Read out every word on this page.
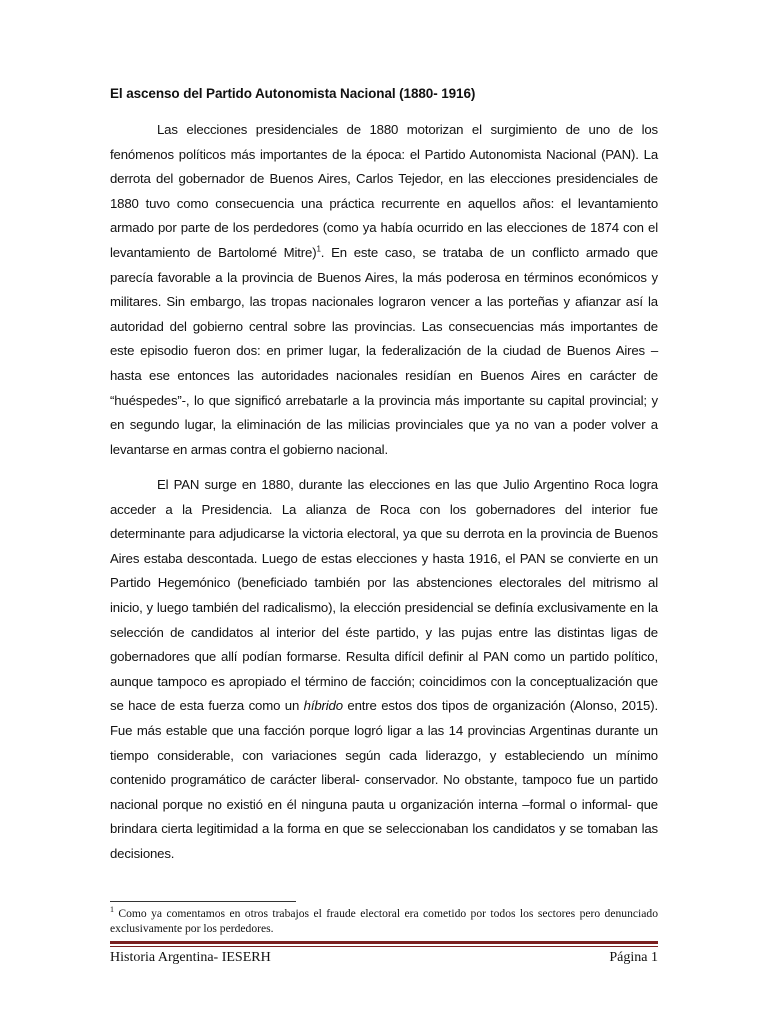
El ascenso del Partido Autonomista Nacional (1880- 1916)

Las elecciones presidenciales de 1880 motorizan el surgimiento de uno de los fenómenos políticos más importantes de la época: el Partido Autonomista Nacional (PAN). La derrota del gobernador de Buenos Aires, Carlos Tejedor, en las elecciones presidenciales de 1880 tuvo como consecuencia una práctica recurrente en aquellos años: el levantamiento armado por parte de los perdedores (como ya había ocurrido en las elecciones de 1874 con el levantamiento de Bartolomé Mitre)$^1$. En este caso, se trataba de un conflicto armado que parecía favorable a la provincia de Buenos Aires, la más poderosa en términos económicos y militares. Sin embargo, las tropas nacionales lograron vencer a las porteñas y afianzar así la autoridad del gobierno central sobre las provincias. Las consecuencias más importantes de este episodio fueron dos: en primer lugar, la federalización de la ciudad de Buenos Aires – hasta ese entonces las autoridades nacionales residían en Buenos Aires en carácter de “huéspedes”-, lo que significó arrebatarle a la provincia más importante su capital provincial; y en segundo lugar, la eliminación de las milicias provinciales que ya no van a poder volver a levantarse en armas contra el gobierno nacional.

El PAN surge en 1880, durante las elecciones en las que Julio Argentino Roca logra acceder a la Presidencia. La alianza de Roca con los gobernadores del interior fue determinante para adjudicarse la victoria electoral, ya que su derrota en la provincia de Buenos Aires estaba descontada. Luego de estas elecciones y hasta 1916, el PAN se convierte en un Partido Hegemónico (beneficiado también por las abstenciones electorales del mitrismo al inicio, y luego también del radicalismo), la elección presidencial se definía exclusivamente en la selección de candidatos al interior del éste partido, y las pujas entre las distintas ligas de gobernadores que allí podían formarse. Resulta difícil definir al PAN como un partido político, aunque tampoco es apropiado el término de facción; coincidimos con la conceptualización que se hace de esta fuerza como un híbrido entre estos dos tipos de organización (Alonso, 2015). Fue más estable que una facción porque logró ligar a las 14 provincias Argentinas durante un tiempo considerable, con variaciones según cada liderazgo, y estableciendo un mínimo contenido programático de carácter liberal- conservador. No obstante, tampoco fue un partido nacional porque no existió en él ninguna pauta u organización interna –formal o informal- que brindara cierta legitimidad a la forma en que se seleccionaban los candidatos y se tomaban las decisiones.

$^1$ Como ya comentamos en otros trabajos el fraude electoral era cometido por todos los sectores pero denunciado exclusivamente por los perdedores.

Historia Argentina- IESERH	Página 1
